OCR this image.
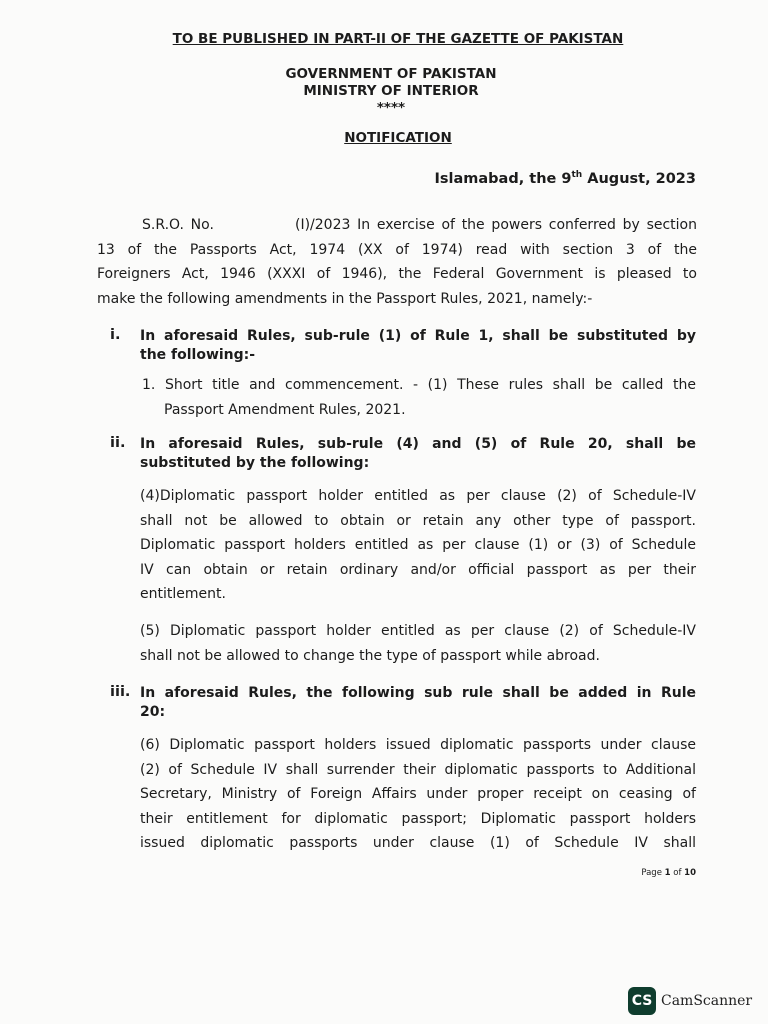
TO BE PUBLISHED IN PART-II OF THE GAZETTE OF PAKISTAN
GOVERNMENT OF PAKISTAN
MINISTRY OF INTERIOR
****
NOTIFICATION
Islamabad, the 9th August, 2023
S.R.O. No.            (I)/2023 In exercise of the powers conferred by section
13 of the Passports Act, 1974 (XX of 1974) read with section 3 of the
Foreigners Act, 1946 (XXXI of 1946), the Federal Government is pleased to
make the following amendments in the Passport Rules, 2021, namely:-
i. In aforesaid Rules, sub-rule (1) of Rule 1, shall be substituted by
the following:-
1. Short title and commencement. - (1) These rules shall be called the
Passport Amendment Rules, 2021.
ii. In aforesaid Rules, sub-rule (4) and (5) of Rule 20, shall be
substituted by the following:
(4)Diplomatic passport holder entitled as per clause (2) of Schedule-IV
shall not be allowed to obtain or retain any other type of passport.
Diplomatic passport holders entitled as per clause (1) or (3) of Schedule
IV can obtain or retain ordinary and/or official passport as per their
entitlement.
(5) Diplomatic passport holder entitled as per clause (2) of Schedule-IV
shall not be allowed to change the type of passport while abroad.
iii. In aforesaid Rules, the following sub rule shall be added in Rule
20:
(6) Diplomatic passport holders issued diplomatic passports under clause
(2) of Schedule IV shall surrender their diplomatic passports to Additional
Secretary, Ministry of Foreign Affairs under proper receipt on ceasing of
their entitlement for diplomatic passport; Diplomatic passport holders
issued diplomatic passports under clause (1) of Schedule IV shall
Page 1 of 10
CS CamScanner
